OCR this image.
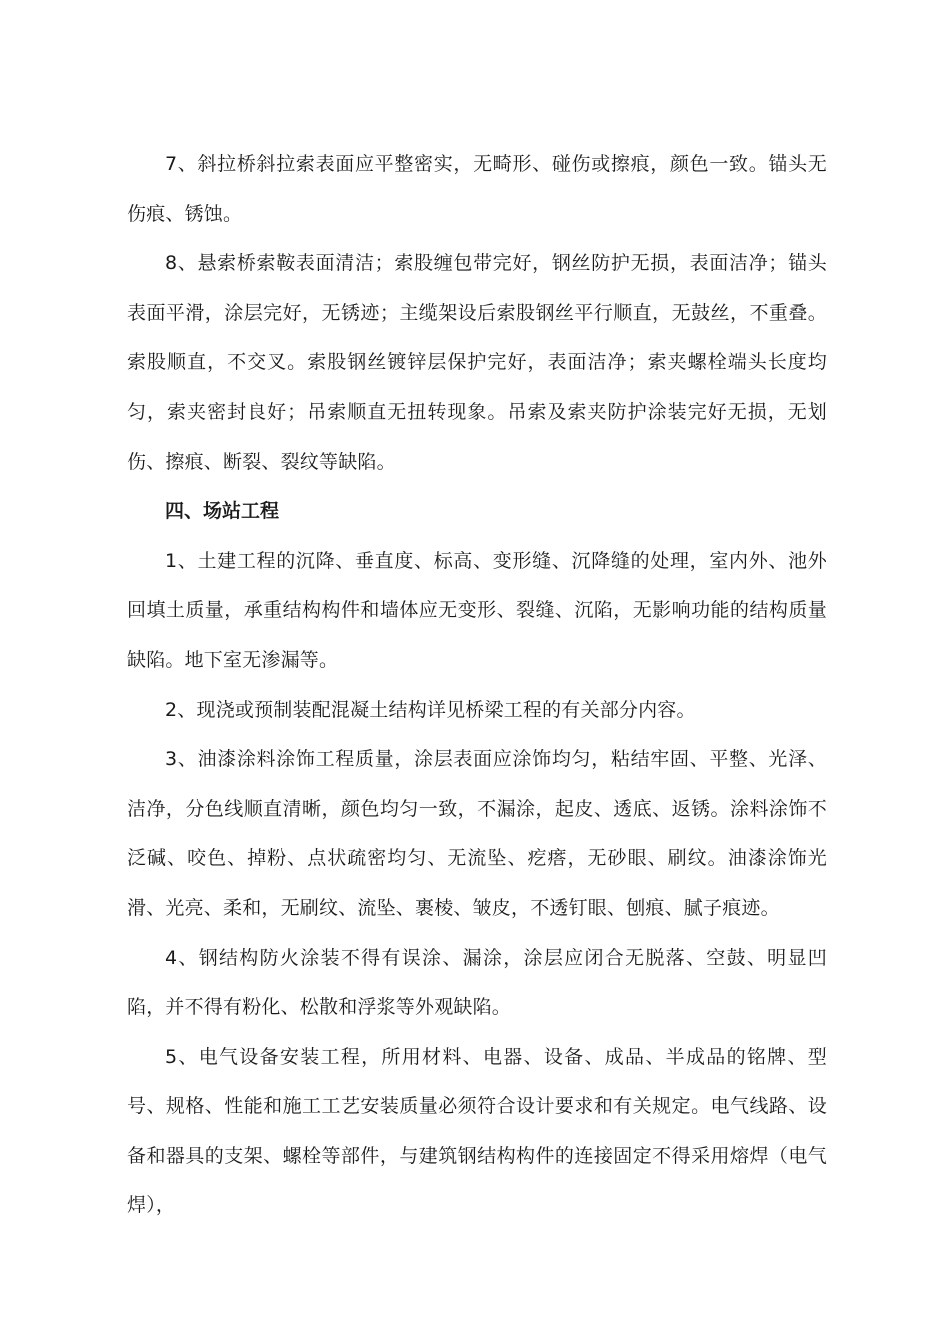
7、斜拉桥斜拉索表面应平整密实，无畸形、碰伤或擦痕，颜色一致。锚头无伤痕、锈蚀。

8、悬索桥索鞍表面清洁；索股缠包带完好，钢丝防护无损，表面洁净；锚头表面平滑，涂层完好，无锈迹；主缆架设后索股钢丝平行顺直，无鼓丝，不重叠。索股顺直，不交叉。索股钢丝镀锌层保护完好，表面洁净；索夹螺栓端头长度均匀，索夹密封良好；吊索顺直无扭转现象。吊索及索夹防护涂装完好无损，无划伤、擦痕、断裂、裂纹等缺陷。

四、场站工程

1、土建工程的沉降、垂直度、标高、变形缝、沉降缝的处理，室内外、池外回填土质量，承重结构构件和墙体应无变形、裂缝、沉陷，无影响功能的结构质量缺陷。地下室无渗漏等。

2、现浇或预制装配混凝土结构详见桥梁工程的有关部分内容。

3、油漆涂料涂饰工程质量，涂层表面应涂饰均匀，粘结牢固、平整、光泽、洁净，分色线顺直清晰，颜色均匀一致，不漏涂，起皮、透底、返锈。涂料涂饰不泛碱、咬色、掉粉、点状疏密均匀、无流坠、疙瘩，无砂眼、刷纹。油漆涂饰光滑、光亮、柔和，无刷纹、流坠、裹棱、皱皮，不透钉眼、刨痕、腻子痕迹。

4、钢结构防火涂装不得有误涂、漏涂，涂层应闭合无脱落、空鼓、明显凹陷，并不得有粉化、松散和浮浆等外观缺陷。

5、电气设备安装工程，所用材料、电器、设备、成品、半成品的铭牌、型号、规格、性能和施工工艺安装质量必须符合设计要求和有关规定。电气线路、设备和器具的支架、螺栓等部件，与建筑钢结构构件的连接固定不得采用熔焊（电气焊），
